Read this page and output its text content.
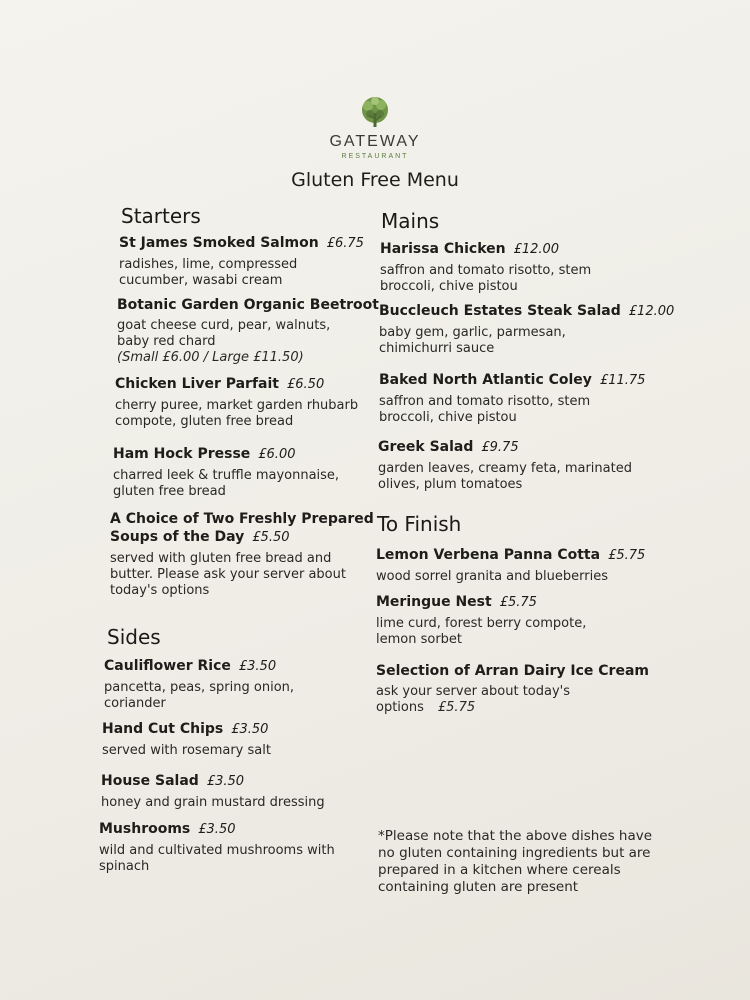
GATEWAY
RESTAURANT
Gluten Free Menu
Starters
St James Smoked Salmon £6.75
radishes, lime, compressed cucumber, wasabi cream
Botanic Garden Organic Beetroot
goat cheese curd, pear, walnuts, baby red chard
(Small £6.00 / Large £11.50)
Chicken Liver Parfait £6.50
cherry puree, market garden rhubarb compote, gluten free bread
Ham Hock Presse £6.00
charred leek & truffle mayonnaise, gluten free bread
A Choice of Two Freshly Prepared
Soups of the Day £5.50
served with gluten free bread and butter. Please ask your server about today's options
Sides
Cauliflower Rice £3.50
pancetta, peas, spring onion, coriander
Hand Cut Chips £3.50
served with rosemary salt
House Salad £3.50
honey and grain mustard dressing
Mushrooms £3.50
wild and cultivated mushrooms with spinach
Mains
Harissa Chicken £12.00
saffron and tomato risotto, stem broccoli, chive pistou
Buccleuch Estates Steak Salad £12.00
baby gem, garlic, parmesan, chimichurri sauce
Baked North Atlantic Coley £11.75
saffron and tomato risotto, stem broccoli, chive pistou
Greek Salad £9.75
garden leaves, creamy feta, marinated olives, plum tomatoes
To Finish
Lemon Verbena Panna Cotta £5.75
wood sorrel granita and blueberries
Meringue Nest £5.75
lime curd, forest berry compote, lemon sorbet
Selection of Arran Dairy Ice Cream
ask your server about today's
options £5.75
*Please note that the above dishes have no gluten containing ingredients but are prepared in a kitchen where cereals containing gluten are present
